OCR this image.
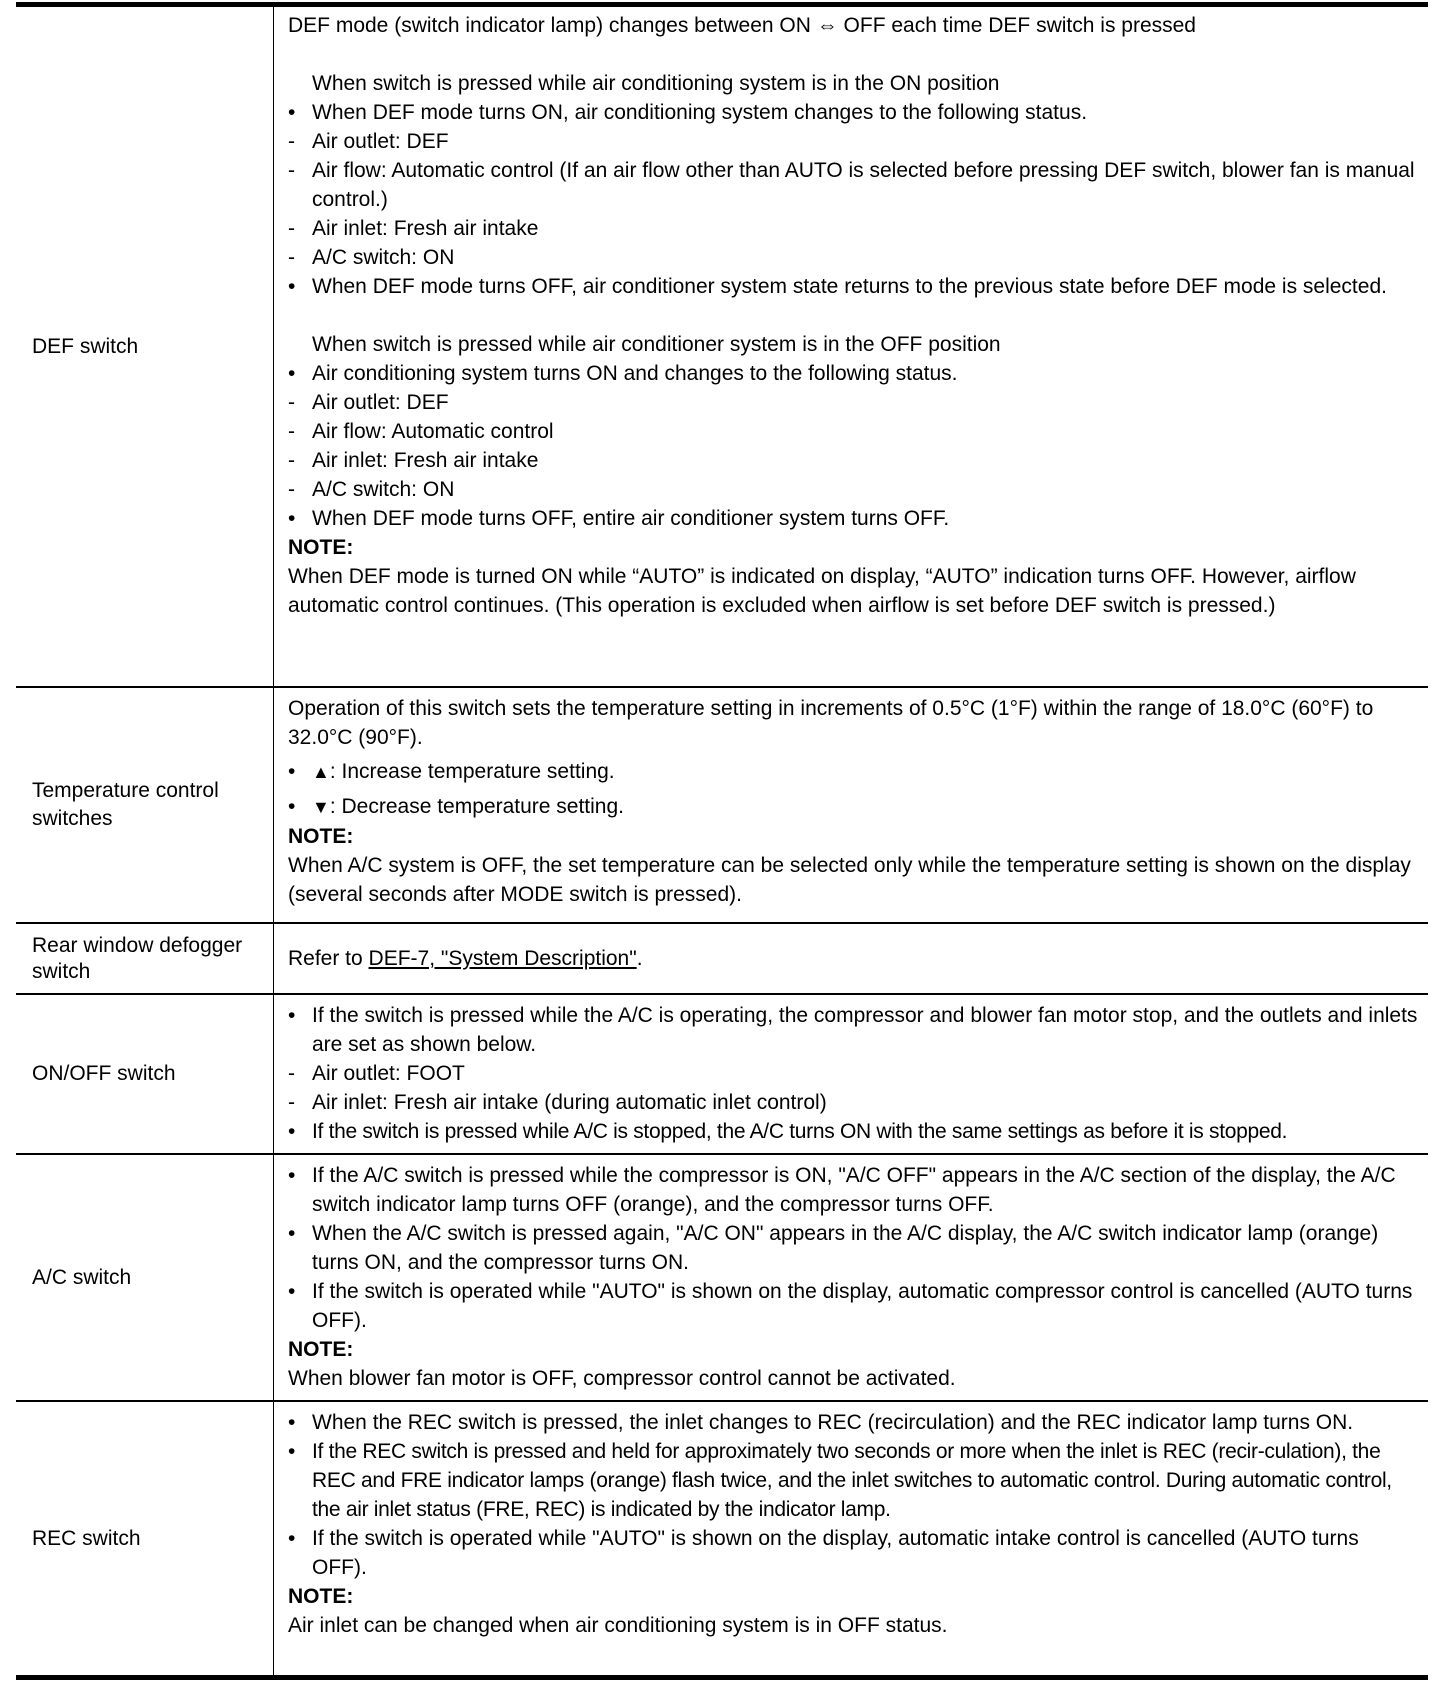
DEF switch
DEF mode (switch indicator lamp) changes between ON ⇔ OFF each time DEF switch is pressed
When switch is pressed while air conditioning system is in the ON position
• When DEF mode turns ON, air conditioning system changes to the following status.
- Air outlet: DEF
- Air flow: Automatic control (If an air flow other than AUTO is selected before pressing DEF switch, blower fan is manual control.)
- Air inlet: Fresh air intake
- A/C switch: ON
• When DEF mode turns OFF, air conditioner system state returns to the previous state before DEF mode is selected.
When switch is pressed while air conditioner system is in the OFF position
• Air conditioning system turns ON and changes to the following status.
- Air outlet: DEF
- Air flow: Automatic control
- Air inlet: Fresh air intake
- A/C switch: ON
• When DEF mode turns OFF, entire air conditioner system turns OFF.
NOTE:
When DEF mode is turned ON while “AUTO” is indicated on display, “AUTO” indication turns OFF. However, airflow automatic control continues. (This operation is excluded when airflow is set before DEF switch is pressed.)
Temperature control switches
Operation of this switch sets the temperature setting in increments of 0.5°C (1°F) within the range of 18.0°C (60°F) to 32.0°C (90°F).
• ▲: Increase temperature setting.
• ▼: Decrease temperature setting.
NOTE:
When A/C system is OFF, the set temperature can be selected only while the temperature setting is shown on the display (several seconds after MODE switch is pressed).
Rear window defogger switch
Refer to DEF-7, "System Description" .
ON/OFF switch
• If the switch is pressed while the A/C is operating, the compressor and blower fan motor stop, and the outlets and inlets are set as shown below.
- Air outlet: FOOT
- Air inlet: Fresh air intake (during automatic inlet control)
• If the switch is pressed while A/C is stopped, the A/C turns ON with the same settings as before it is stopped.
A/C switch
• If the A/C switch is pressed while the compressor is ON, "A/C OFF" appears in the A/C section of the display, the A/C switch indicator lamp turns OFF (orange), and the compressor turns OFF.
• When the A/C switch is pressed again, "A/C ON" appears in the A/C display, the A/C switch indicator lamp (orange) turns ON, and the compressor turns ON.
• If the switch is operated while "AUTO" is shown on the display, automatic compressor control is cancelled (AUTO turns OFF).
NOTE:
When blower fan motor is OFF, compressor control cannot be activated.
REC switch
• When the REC switch is pressed, the inlet changes to REC (recirculation) and the REC indicator lamp turns ON.
• If the REC switch is pressed and held for approximately two seconds or more when the inlet is REC (recir-culation), the REC and FRE indicator lamps (orange) flash twice, and the inlet switches to automatic control. During automatic control, the air inlet status (FRE, REC) is indicated by the indicator lamp.
• If the switch is operated while "AUTO" is shown on the display, automatic intake control is cancelled (AUTO turns OFF).
NOTE:
Air inlet can be changed when air conditioning system is in OFF status.
